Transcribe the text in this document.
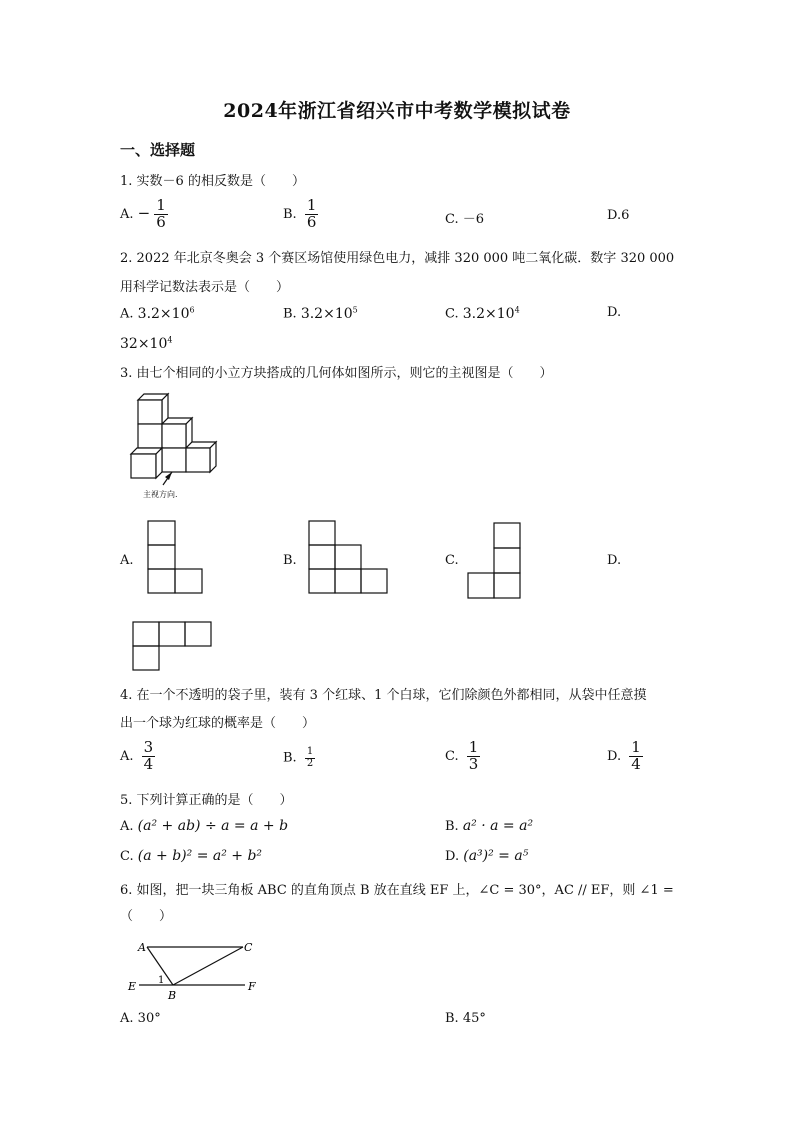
2024年浙江省绍兴市中考数学模拟试卷
一、选择题
1. 实数－6 的相反数是（　　）
A. − $\frac{1}{6}$	B. $\frac{1}{6}$	C. －6	D.6
2. 2022 年北京冬奥会 3 个赛区场馆使用绿色电力，减排 320 000 吨二氧化碳．数字 320 000
用科学记数法表示是（　　）
A. $3.2\times 10^6$	B. $3.2\times 10^5$	C. $3.2\times 10^4$	D.
$32\times 10^4$
3. 由七个相同的小立方块搭成的几何体如图所示，则它的主视图是（　　）
主视方向.
A.	B.	C.	D.
4. 在一个不透明的袋子里，装有 3 个红球、1 个白球，它们除颜色外都相同，从袋中任意摸
出一个球为红球的概率是（　　）
A. $\frac{3}{4}$	B. $\frac{1}{2}$	C. $\frac{1}{3}$	D. $\frac{1}{4}$
5. 下列计算正确的是（　　）
A. (a² + ab) ÷ a = a + b	B. a² · a = a²
C. (a + b)² = a² + b²	D. (a³)² = a⁵
6. 如图，把一块三角板 ABC 的直角顶点 B 放在直线 EF 上，∠C = 30°，AC // EF，则 ∠1 =
（　　）
A	C
E	F
B
1
A. 30°	B. 45°
